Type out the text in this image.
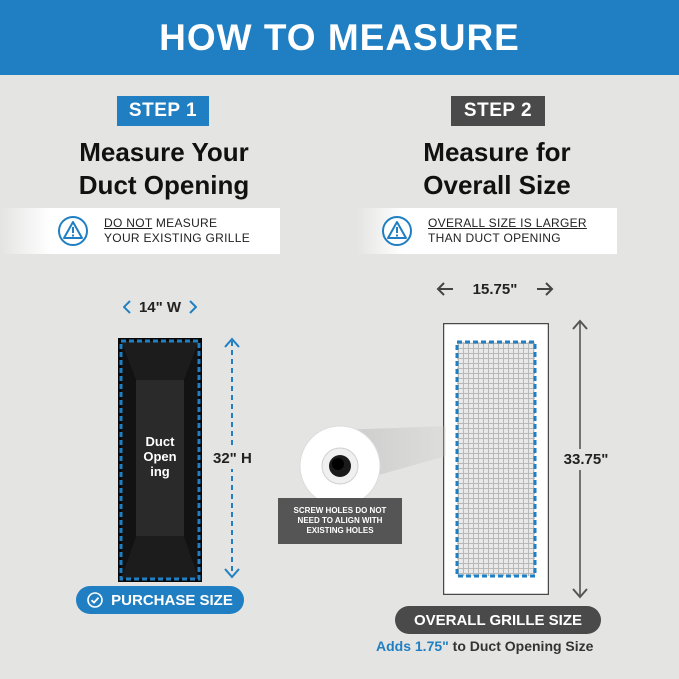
HOW TO MEASURE
STEP 1
Measure Your
Duct Opening
DO NOT MEASURE
YOUR EXISTING GRILLE
14" W
Duct
Open
ing
32" H
PURCHASE SIZE
STEP 2
Measure for
Overall Size
OVERALL SIZE IS LARGER
THAN DUCT OPENING
15.75"
33.75"
SCREW HOLES DO NOT
NEED TO ALIGN WITH
EXISTING HOLES
OVERALL GRILLE SIZE
Adds 1.75" to Duct Opening Size
